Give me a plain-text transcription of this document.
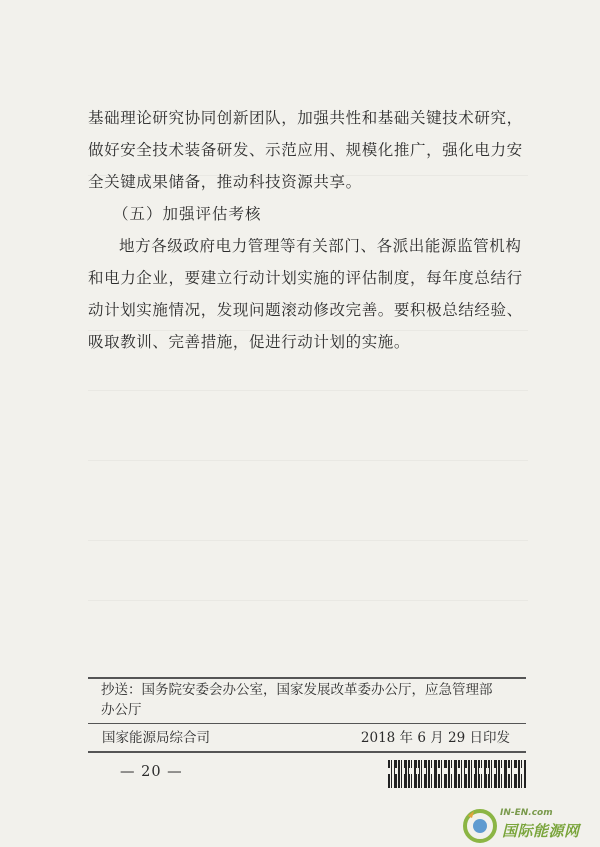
基础理论研究协同创新团队，加强共性和基础关键技术研究，做好安全技术装备研发、示范应用、规模化推广，强化电力安全关键成果储备，推动科技资源共享。
（五）加强评估考核
地方各级政府电力管理等有关部门、各派出能源监管机构和电力企业，要建立行动计划实施的评估制度，每年度总结行动计划实施情况，发现问题滚动修改完善。要积极总结经验、吸取教训、完善措施，促进行动计划的实施。
抄送：国务院安委会办公室，国家发展改革委办公厅，应急管理部
办公厅
国家能源局综合司	2018 年 6 月 29 日印发
— 20 —
IN-EN.com
国际能源网
